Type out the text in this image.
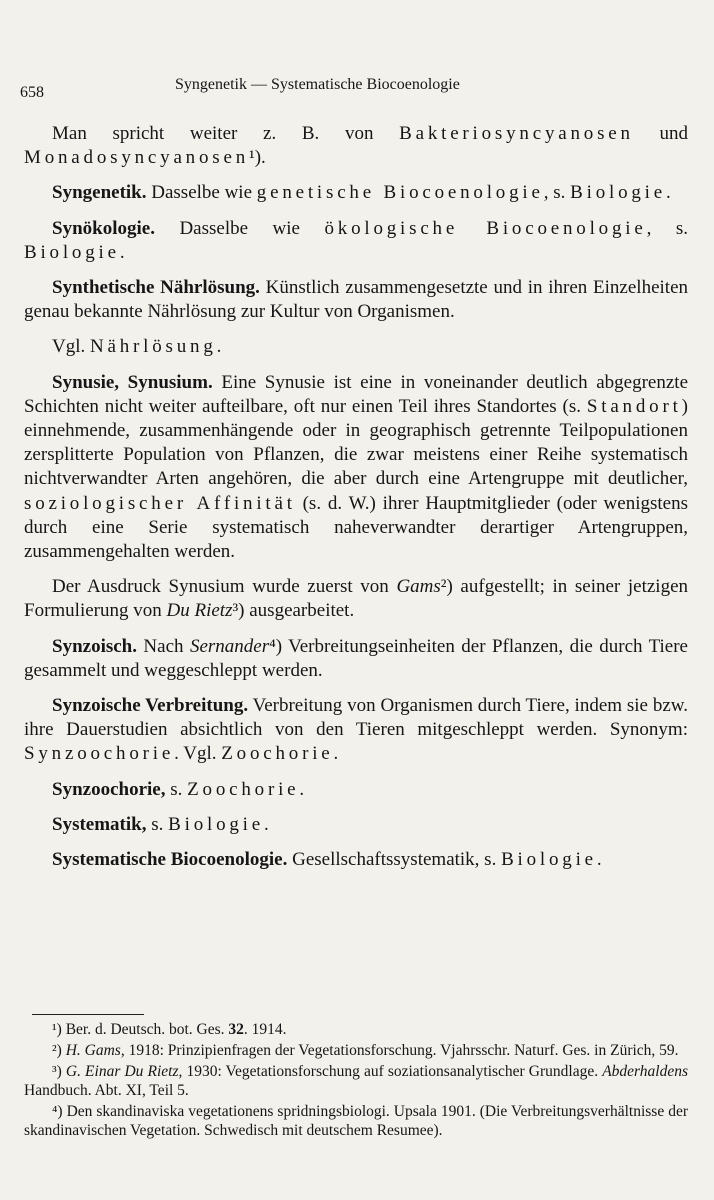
658	Syngenetik — Systematische Biocoenologie

Man spricht weiter z. B. von Bakteriosyncyanosen und Monadosyncyanosen¹).

Syngenetik. Dasselbe wie genetische Biocoenologie, s. Biologie.

Synökologie. Dasselbe wie ökologische Biocoenologie, s. Biologie.

Synthetische Nährlösung. Künstlich zusammengesetzte und in ihren Einzelheiten genau bekannte Nährlösung zur Kultur von Organismen.

Vgl. Nährlösung.

Synusie, Synusium. Eine Synusie ist eine in voneinander deutlich abgegrenzte Schichten nicht weiter aufteilbare, oft nur einen Teil ihres Standortes (s. Standort) einnehmende, zusammenhängende oder in geographisch getrennte Teilpopulationen zersplitterte Population von Pflanzen, die zwar meistens einer Reihe systematisch nichtverwandter Arten angehören, die aber durch eine Artengruppe mit deutlicher, soziologischer Affinität (s. d. W.) ihrer Hauptmitglieder (oder wenigstens durch eine Serie systematisch naheverwandter derartiger Artengruppen, zusammengehalten werden.

Der Ausdruck Synusium wurde zuerst von Gams²) aufgestellt; in seiner jetzigen Formulierung von Du Rietz³) ausgearbeitet.

Synzoisch. Nach Sernander⁴) Verbreitungseinheiten der Pflanzen, die durch Tiere gesammelt und weggeschleppt werden.

Synzoische Verbreitung. Verbreitung von Organismen durch Tiere, indem sie bzw. ihre Dauerstudien absichtlich von den Tieren mitgeschleppt werden. Synonym: Synzoochorie. Vgl. Zoochorie.

Synzoochorie, s. Zoochorie.

Systematik, s. Biologie.

Systematische Biocoenologie. Gesellschaftssystematik, s. Biologie.

¹) Ber. d. Deutsch. bot. Ges. 32. 1914.

²) H. Gams, 1918: Prinzipienfragen der Vegetationsforschung. Vjahrsschr. Naturf. Ges. in Zürich, 59.

³) G. Einar Du Rietz, 1930: Vegetationsforschung auf soziationsanalytischer Grundlage. Abderhaldens Handbuch. Abt. XI, Teil 5.

⁴) Den skandinaviska vegetationens spridningsbiologi. Upsala 1901. (Die Verbreitungsverhältnisse der skandinavischen Vegetation. Schwedisch mit deutschem Resumee).
